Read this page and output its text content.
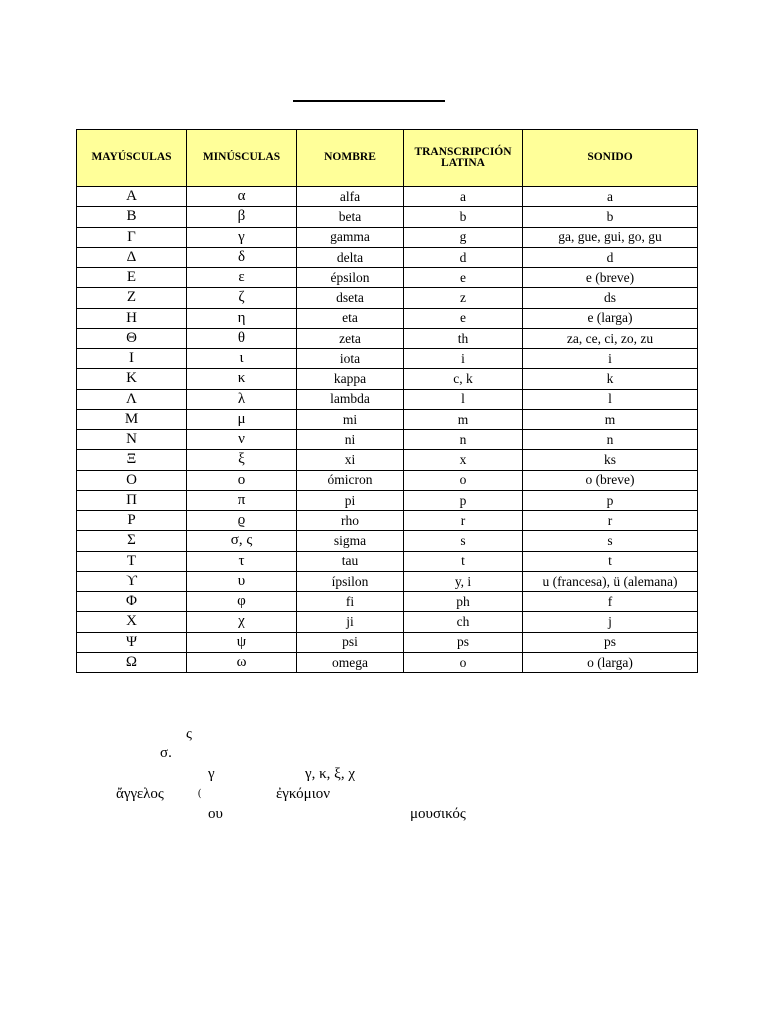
MAYÚSCULAS	MINÚSCULAS	NOMBRE	TRANSCRIPCIÓN LATINA	SONIDO
Α	α	alfa	a	a
Β	β	beta	b	b
Γ	γ	gamma	g	ga, gue, gui, go, gu
Δ	δ	delta	d	d
Ε	ε	épsilon	e	e (breve)
Ζ	ζ	dseta	z	ds
Η	η	eta	e	e (larga)
Θ	θ	zeta	th	za, ce, ci, zo, zu
Ι	ι	iota	i	i
Κ	κ	kappa	c, k	k
Λ	λ	lambda	l	l
Μ	μ	mi	m	m
Ν	ν	ni	n	n
Ξ	ξ	xi	x	ks
Ο	ο	ómicron	o	o (breve)
Π	π	pi	p	p
Ρ	ϱ	rho	r	r
Σ	σ, ς	sigma	s	s
Τ	τ	tau	t	t
ϒ	υ	ípsilon	y, i	u (francesa), ü (alemana)
Φ	φ	fi	ph	f
Χ	χ	ji	ch	j
Ψ	ψ	psi	ps	ps
Ω	ω	omega	o	o (larga)
ς
σ.
γ	γ, κ, ξ, χ
ἄγγελος	(	ἐγκόμιον
ου	μουσικός
